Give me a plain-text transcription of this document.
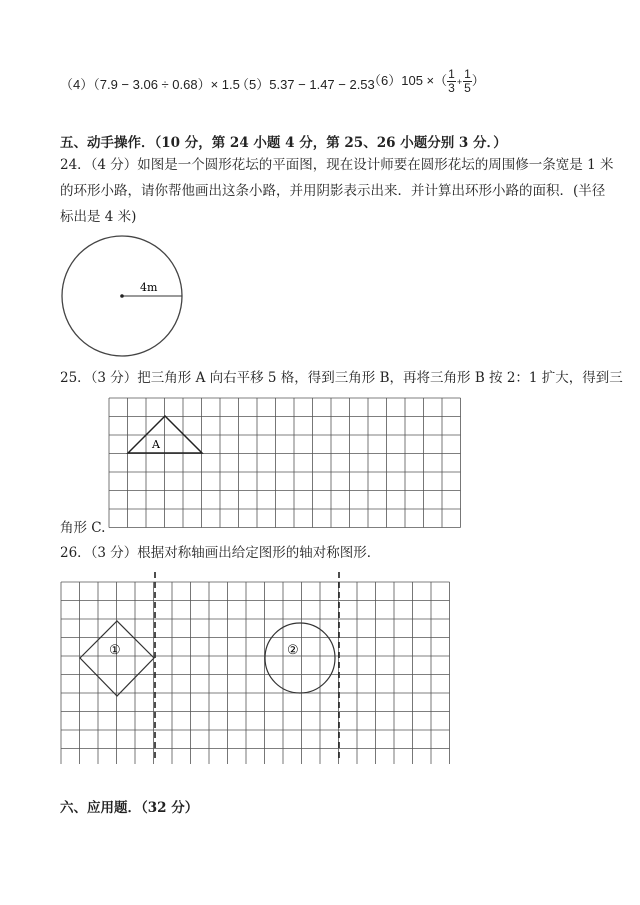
（4）（7.9 − 3.06 ÷ 0.68）× 1.5
（5）5.37 − 1.47 − 2.53
（6）105 ×（ $\frac{1}{3} + \frac{1}{5}$ ）
五、动手操作．（10 分，第 24 小题 4 分，第 25、26 小题分别 3 分．）
24．（4 分）如图是一个圆形花坛的平面图，现在设计师要在圆形花坛的周围修一条宽是 1 米
的环形小路，请你帮他画出这条小路，并用阴影表示出来．并计算出环形小路的面积．(半径
标出是 4 米)
4m
25．（3 分）把三角形 A 向右平移 5 格，得到三角形 B，再将三角形 B 按 2：1 扩大，得到三
角形 C.
A
26．（3 分）根据对称轴画出给定图形的轴对称图形．
①	②
六、应用题．（32 分）
